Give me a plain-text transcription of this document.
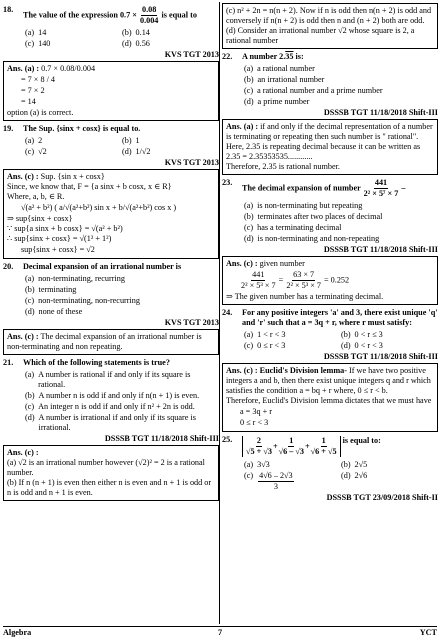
18.
The value of the expression $0.7 \times \frac{0.08}{0.004}$ is equal to
(a) 14	(b) 0.14
(c) 140	(d) 0.56
KVS TGT 2013
Ans. (a) : 0.7 × 0.08/0.004
= 7 × 8 / 4
= 7 × 2
= 14
option (a) is correct.
19.	The Sup. {sinx + cosx} is equal to.
(a) 2	(b) 1
(c) √2	(d) 1/√2
KVS TGT 2013
Ans. (c) : Sup. {sin x + cosx}
Since, we know that, F = {a sinx + b cosx, x ∈ R}
Where, a, b, ∈ R.
√(a² + b²) ( a/√(a²+b²) sin x + b/√(a²+b²) cos x )
⇒ sup{sinx + cosx}
∵ sup{a sinx + b cosx} = √(a² + b²)
∴ sup{sinx + cosx} = √(1² + 1²)
sup{sinx + cosx} = √2
20.	Decimal expansion of an irrational number is
(a) non-terminating, recurring
(b) terminating
(c) non-terminating, non-recurring
(d) none of these
KVS TGT 2013
Ans. (c) : The decimal expansion of an irrational number is non-terminating and non repeating.
21.	Which of the following statements is true?
(a) A number is rational if and only if its square is rational.
(b) A number n is odd if and only if n(n + 1) is even.
(c) An integer n is odd if and only if n² + 2n is odd.
(d) A number is irrational if and only if its square is irrational.
DSSSB TGT 11/18/2018 Shift-III
Ans. (c) :
(a) √2 is an irrational number however (√2)² = 2 is a rational number.
(b) If n (n + 1) is even then either n is even and n + 1 is odd or n is odd and n + 1 is even.
(c) n² + 2n = n(n + 2). Now if n is odd then n(n + 2) is odd and conversely if n(n + 2) is odd then n and (n + 2) both are odd.
(d) Consider an irrational number √2 whose square is 2, a rational number
22.	A number 2.35 is:
(a) a rational number
(b) an irrational number
(c) a rational number and a prime number
(d) a prime number
DSSSB TGT 11/18/2018 Shift-III
Ans. (a) : if and only if the decimal representation of a number is terminating or repeating then such number is " rational".
Here, 2.35 is repeating decimal because it can be written as 2.35 = 2.35353535............
Therefore, 2.35 is rational number.
23.
The decimal expansion of number $\frac{441}{\text{2² × 5⁷ × 7}}$ –
(a) is non-terminating but repeating
(b) terminates after two places of decimal
(c) has a terminating decimal
(d) is non-terminating and non-repeating
DSSSB TGT 11/18/2018 Shift-III
Ans. (c) : given number
$\frac{441}{\text{2² × 5³ × 7}} = \frac{63 \times 7}{\text{2² × 5³ × 7}} = 0.252$
⇒ The given number has a terminating decimal.
24.	For any positive integers 'a' and 3, there exist unique 'q' and 'r' such that a = 3q + r, where r must satisfy:
(a) 1 < r < 3	(b) 0 < r ≤ 3
(c) 0 ≤ r < 3	(d) 0 < r < 3
DSSSB TGT 11/18/2018 Shift-III
Ans. (c) : Euclid's Division lemma- If we have two positive integers a and b, then there exist unique integers q and r which satisfies the condition a = bq + r where, 0 ≤ r < b.
Therefore, Euclid's Division lemma dictates that we must have
a = 3q + r
0 ≤ r < 3
25.	$\frac{2}{√5 + √3} + \frac{1}{√6 - √3} + \frac{1}{√6 + √5}$ is equal to:
(a) 3√3	(b) 2√5
$(c) \frac{4√6 - 2√3}{3}$	(d) 2√6
DSSSB TGT 23/09/2018 Shift-II
Algebra	7	YCT
